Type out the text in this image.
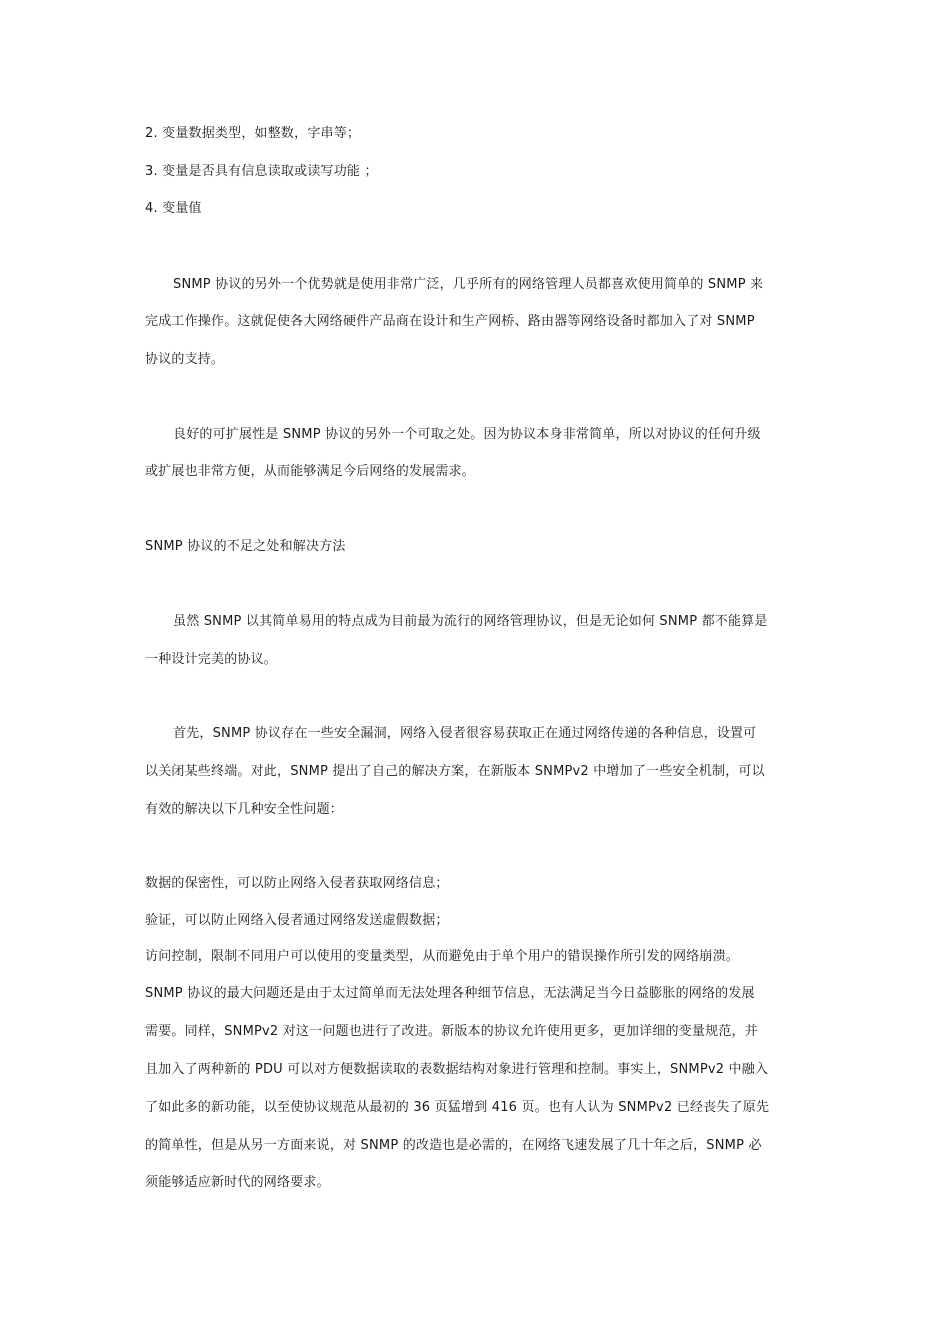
2. 变量数据类型，如整数，字串等；
3. 变量是否具有信息读取或读写功能 ；
4. 变量值
SNMP 协议的另外一个优势就是使用非常广泛，几乎所有的网络管理人员都喜欢使用简单的 SNMP 来
完成工作操作。这就促使各大网络硬件产品商在设计和生产网桥、路由器等网络设备时都加入了对 SNMP
协议的支持。
良好的可扩展性是 SNMP 协议的另外一个可取之处。因为协议本身非常简单，所以对协议的任何升级
或扩展也非常方便，从而能够满足今后网络的发展需求。
SNMP 协议的不足之处和解决方法
虽然 SNMP 以其简单易用的特点成为目前最为流行的网络管理协议，但是无论如何 SNMP 都不能算是
一种设计完美的协议。
首先，SNMP 协议存在一些安全漏洞，网络入侵者很容易获取正在通过网络传递的各种信息，设置可
以关闭某些终端。对此，SNMP 提出了自己的解决方案，在新版本 SNMPv2 中增加了一些安全机制，可以
有效的解决以下几种安全性问题：
数据的保密性，可以防止网络入侵者获取网络信息；
验证，可以防止网络入侵者通过网络发送虚假数据；
访问控制，限制不同用户可以使用的变量类型，从而避免由于单个用户的错误操作所引发的网络崩溃。
SNMP 协议的最大问题还是由于太过简单而无法处理各种细节信息，无法满足当今日益膨胀的网络的发展
需要。同样，SNMPv2 对这一问题也进行了改进。新版本的协议允许使用更多，更加详细的变量规范，并
且加入了两种新的 PDU 可以对方便数据读取的表数据结构对象进行管理和控制。事实上，SNMPv2 中融入
了如此多的新功能，以至使协议规范从最初的 36 页猛增到 416 页。也有人认为 SNMPv2 已经丧失了原先
的简单性，但是从另一方面来说，对 SNMP 的改造也是必需的，在网络飞速发展了几十年之后，SNMP 必
须能够适应新时代的网络要求。
